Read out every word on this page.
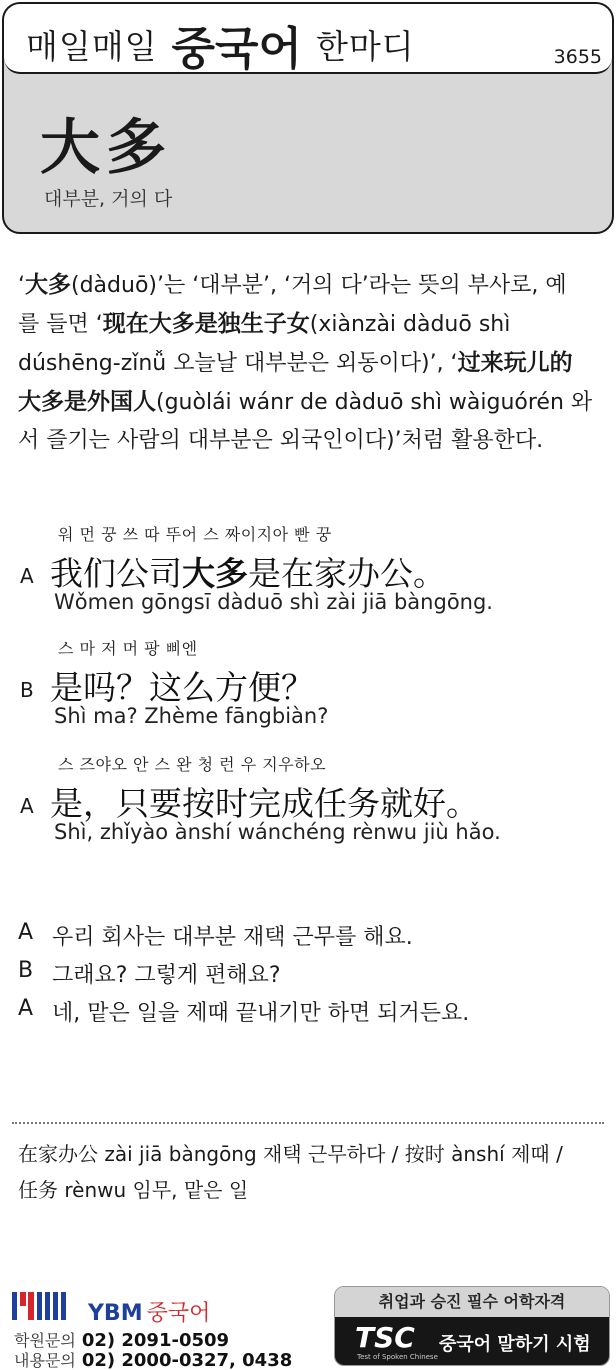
매일매일 중국어 한마디	3655
大多
대부분, 거의 다
‘大多(dàduō)’는 ‘대부분’, ‘거의 다’라는 뜻의 부사로, 예
를 들면 ‘现在大多是独生子女(xiànzài dàduō shì
dúshēng-zǐnǚ 오늘날 대부분은 외동이다)’, ‘过来玩儿的
大多是外国人(guòlái wánr de dàduō shì wàiguórén 와
서 즐기는 사람의 대부분은 외국인이다)’처럼 활용한다.
워 먼 꿍 쓰 따 뚜어 스 짜이지아 빤 꿍
A 我们公司大多是在家办公。
Wǒmen gōngsī dàduō shì zài jiā bàngōng.
스 마 저 머 팡 삐엔
B 是吗？这么方便？
Shì ma? Zhème fāngbiàn?
스 즈야오 안 스 완 청 런 우 지우하오
A 是，只要按时完成任务就好。
Shì, zhǐyào ànshí wánchéng rènwu jiù hǎo.
A 우리 회사는 대부분 재택 근무를 해요.
B 그래요? 그렇게 편해요?
A 네, 맡은 일을 제때 끝내기만 하면 되거든요.
在家办公 zài jiā bàngōng 재택 근무하다 / 按时 ànshí 제때 /
任务 rènwu 임무, 맡은 일
YBM 중국어
학원문의 02) 2091-0509
내용문의 02) 2000-0327, 0438
취업과 승진 필수 어학자격
TSC
Test of Spoken Chinese
중국어 말하기 시험
